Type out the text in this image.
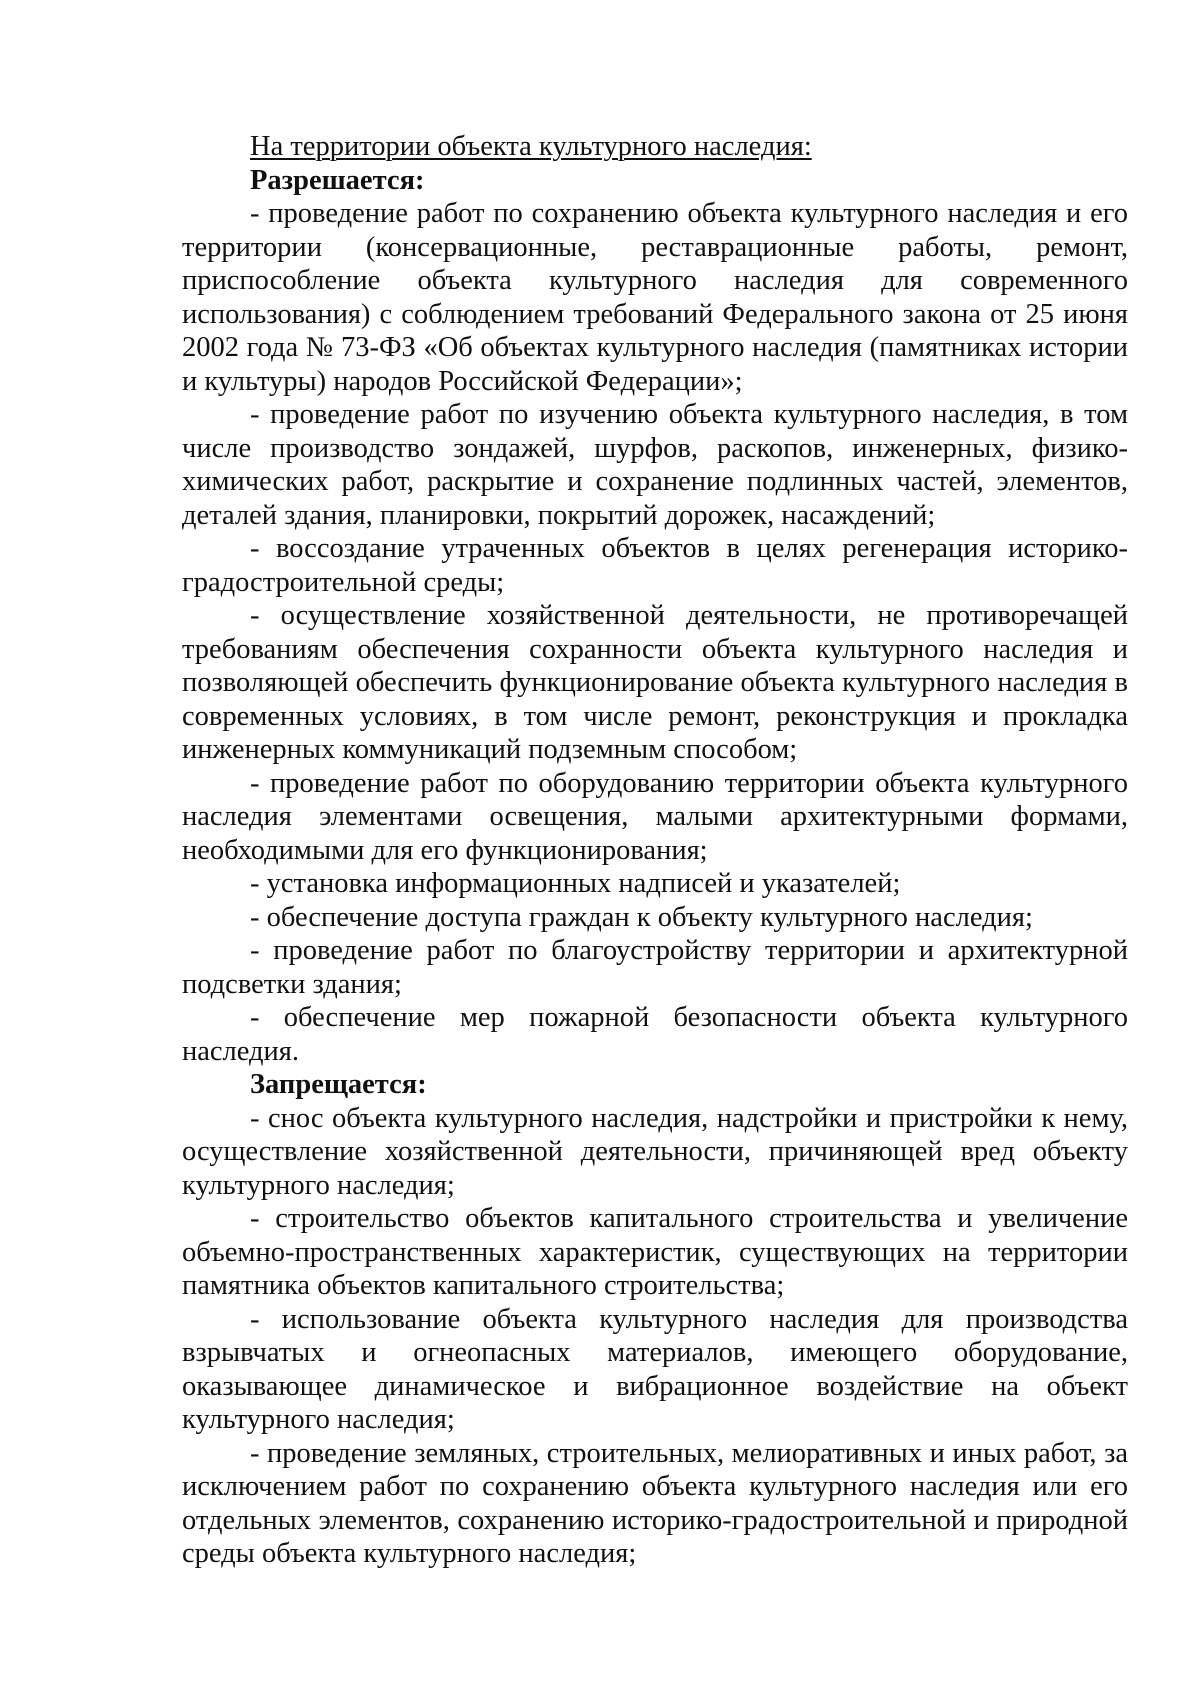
На территории объекта культурного наследия:

Разрешается:

- проведение работ по сохранению объекта культурного наследия и его территории (консервационные, реставрационные работы, ремонт, приспособление объекта культурного наследия для современного использования) с соблюдением требований Федерального закона от 25 июня 2002 года № 73-ФЗ «Об объектах культурного наследия (памятниках истории и культуры) народов Российской Федерации»;

- проведение работ по изучению объекта культурного наследия, в том числе производство зондажей, шурфов, раскопов, инженерных, физико-химических работ, раскрытие и сохранение подлинных частей, элементов, деталей здания, планировки, покрытий дорожек, насаждений;

- воссоздание утраченных объектов в целях регенерация историко-градостроительной среды;

- осуществление хозяйственной деятельности, не противоречащей требованиям обеспечения сохранности объекта культурного наследия и позволяющей обеспечить функционирование объекта культурного наследия в современных условиях, в том числе ремонт, реконструкция и прокладка инженерных коммуникаций подземным способом;

- проведение работ по оборудованию территории объекта культурного наследия элементами освещения, малыми архитектурными формами, необходимыми для его функционирования;

- установка информационных надписей и указателей;

- обеспечение доступа граждан к объекту культурного наследия;

- проведение работ по благоустройству территории и архитектурной подсветки здания;

- обеспечение мер пожарной безопасности объекта культурного наследия.

Запрещается:

- снос объекта культурного наследия, надстройки и пристройки к нему, осуществление хозяйственной деятельности, причиняющей вред объекту культурного наследия;

- строительство объектов капитального строительства и увеличение объемно-пространственных характеристик, существующих на территории памятника объектов капитального строительства;

- использование объекта культурного наследия для производства взрывчатых и огнеопасных материалов, имеющего оборудование, оказывающее динамическое и вибрационное воздействие на объект культурного наследия;

- проведение земляных, строительных, мелиоративных и иных работ, за исключением работ по сохранению объекта культурного наследия или его отдельных элементов, сохранению историко-градостроительной и природной среды объекта культурного наследия;
